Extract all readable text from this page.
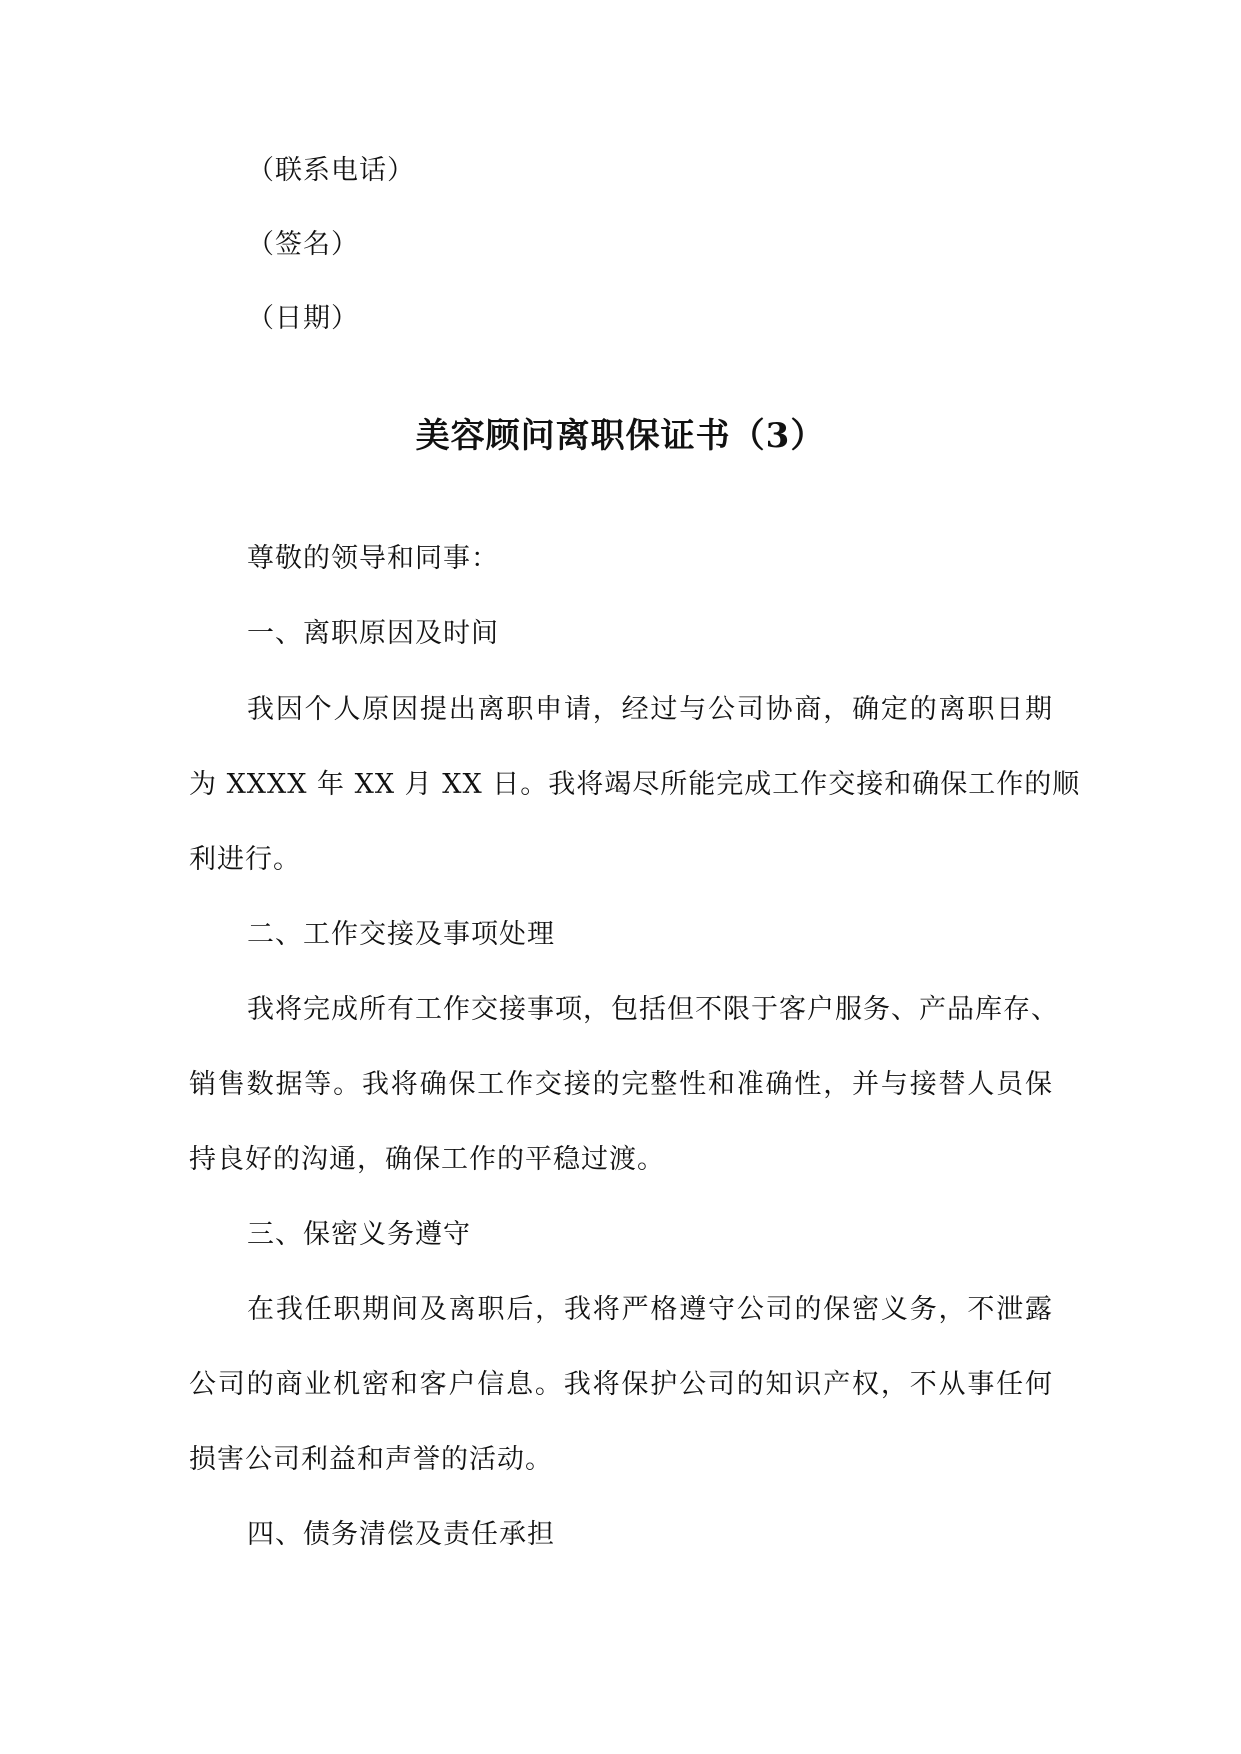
（联系电话）

（签名）

（日期）

美容顾问离职保证书（3）

尊敬的领导和同事：

一、离职原因及时间

我因个人原因提出离职申请，经过与公司协商，确定的离职日期

为 XXXX 年 XX 月 XX 日。我将竭尽所能完成工作交接和确保工作的顺

利进行。

二、工作交接及事项处理

我将完成所有工作交接事项，包括但不限于客户服务、产品库存、

销售数据等。我将确保工作交接的完整性和准确性，并与接替人员保

持良好的沟通，确保工作的平稳过渡。

三、保密义务遵守

在我任职期间及离职后，我将严格遵守公司的保密义务，不泄露

公司的商业机密和客户信息。我将保护公司的知识产权，不从事任何

损害公司利益和声誉的活动。

四、债务清偿及责任承担
